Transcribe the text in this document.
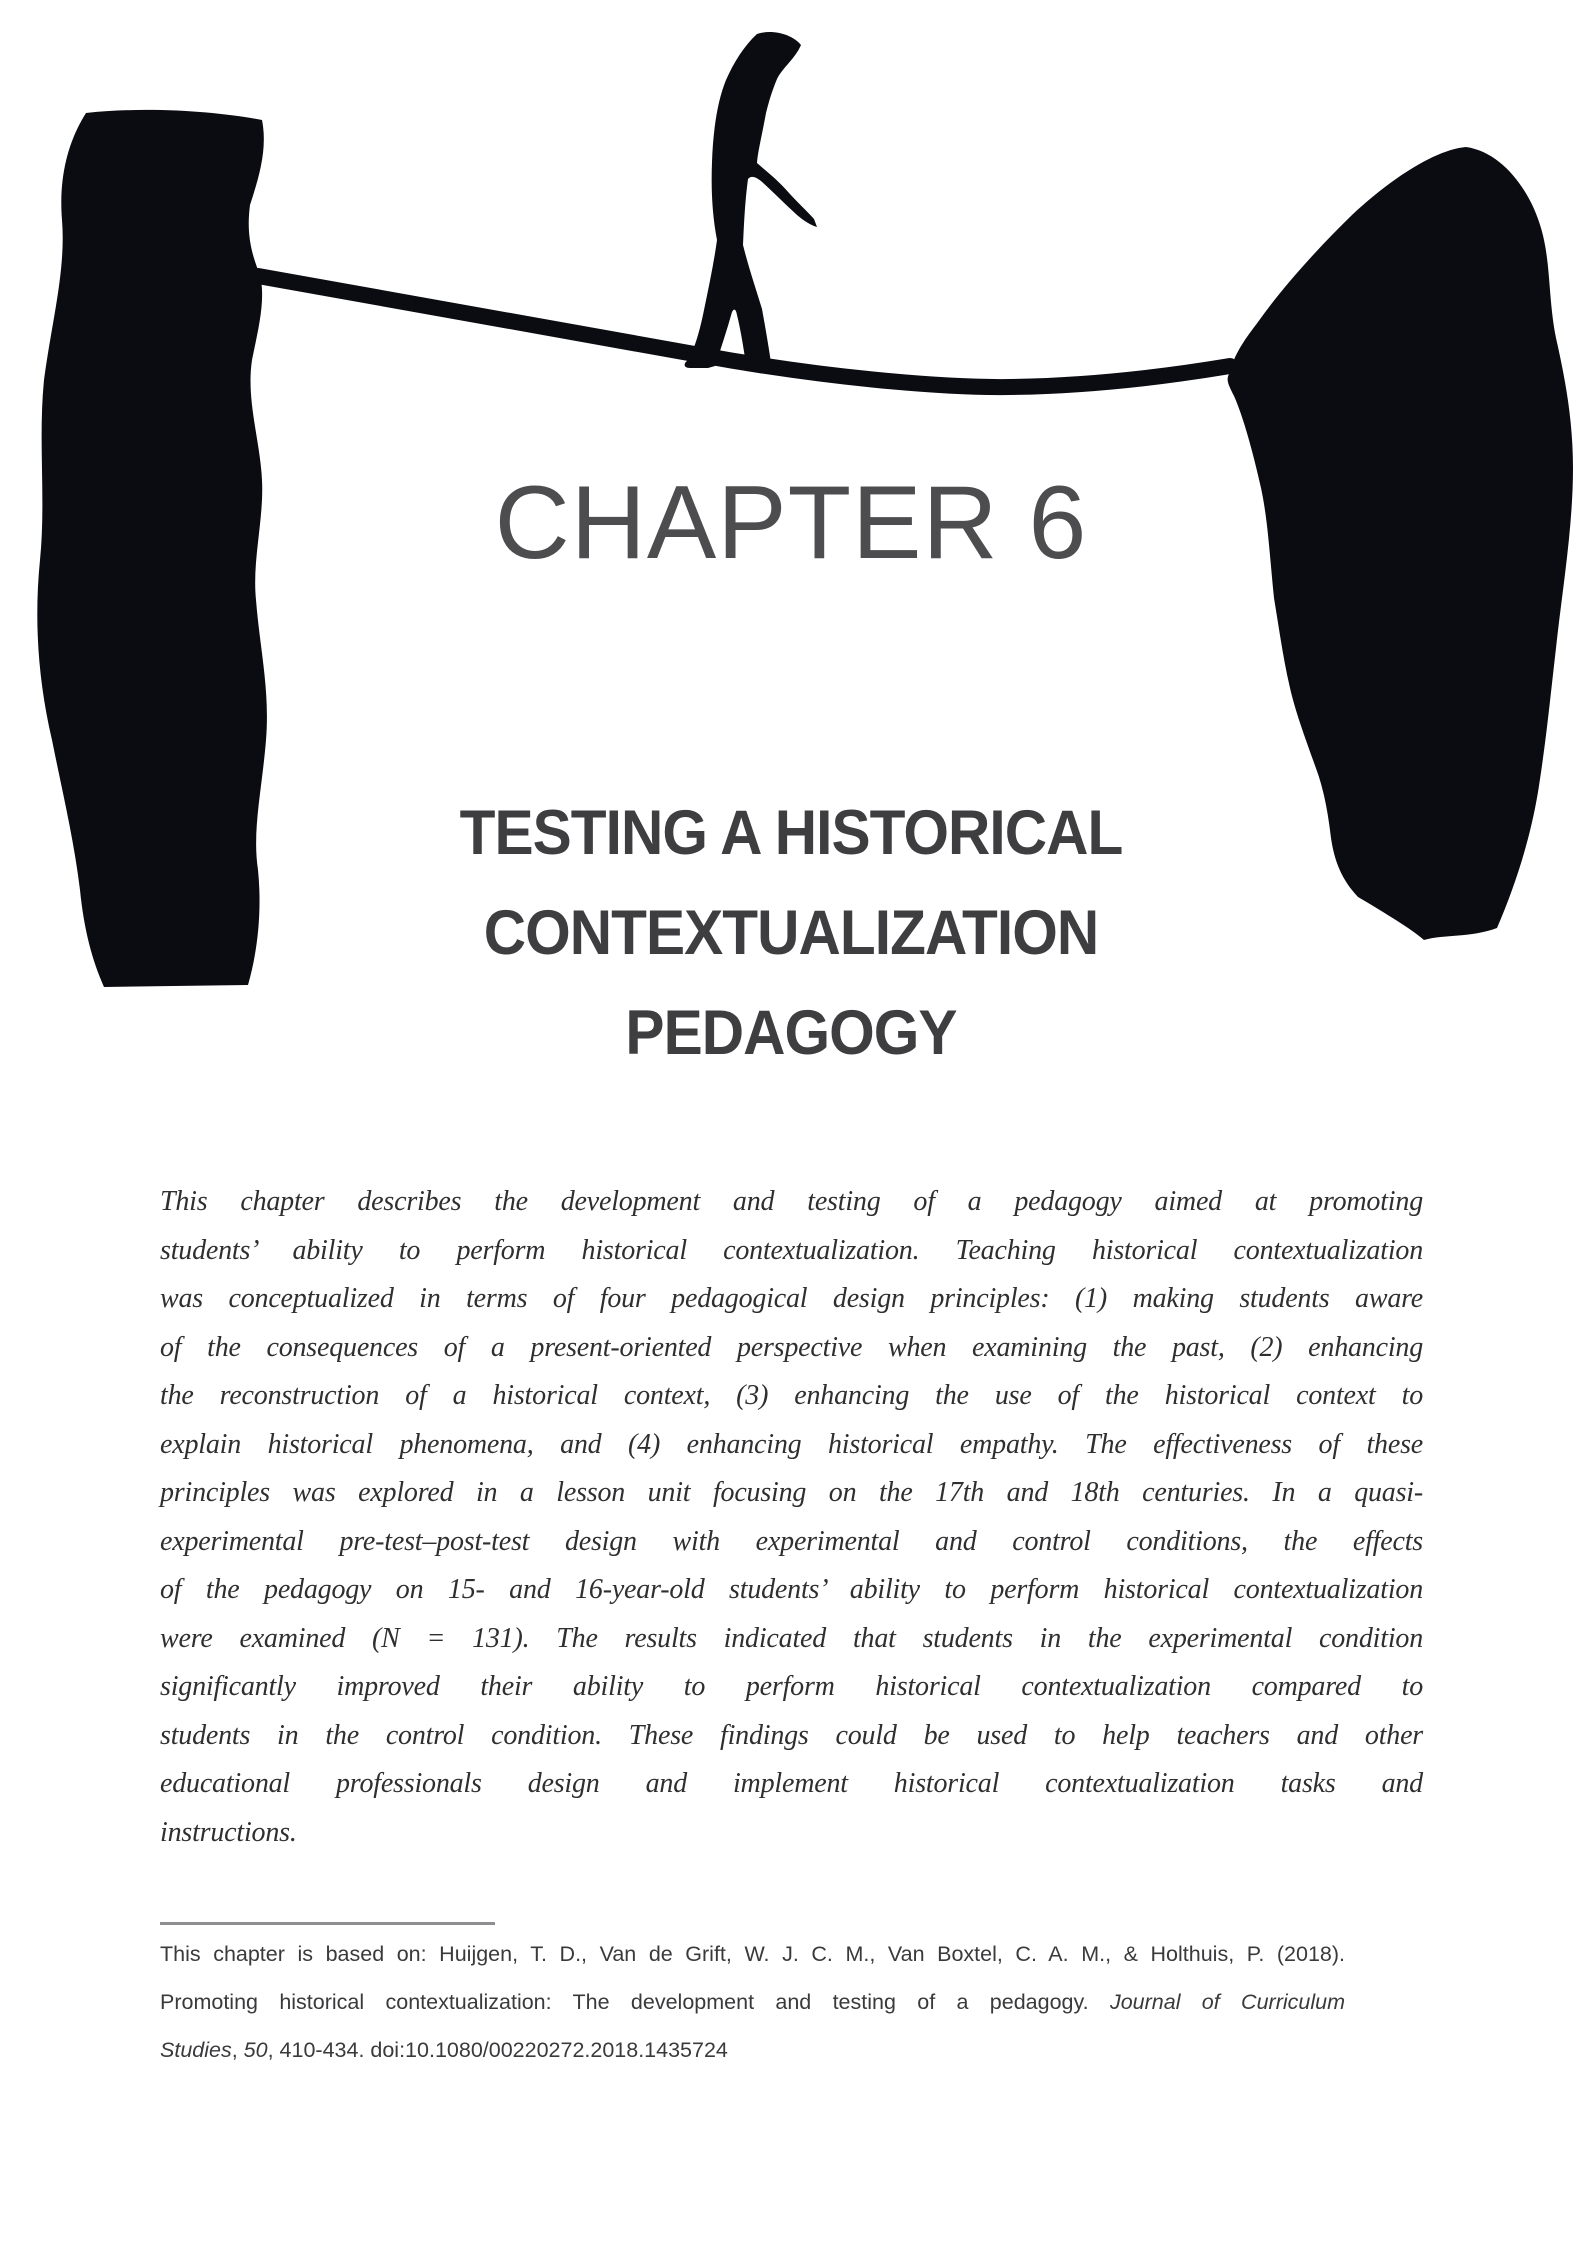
CHAPTER 6
TESTING A HISTORICAL
CONTEXTUALIZATION
PEDAGOGY
This chapter describes the development and testing of a pedagogy aimed at promoting
students’ ability to perform historical contextualization. Teaching historical contextualization
was conceptualized in terms of four pedagogical design principles: (1) making students aware
of the consequences of a present-oriented perspective when examining the past, (2) enhancing
the reconstruction of a historical context, (3) enhancing the use of the historical context to
explain historical phenomena, and (4) enhancing historical empathy. The effectiveness of these
principles was explored in a lesson unit focusing on the 17th and 18th centuries. In a quasi-
experimental pre-test–post-test design with experimental and control conditions, the effects
of the pedagogy on 15- and 16-year-old students’ ability to perform historical contextualization
were examined (N = 131). The results indicated that students in the experimental condition
significantly improved their ability to perform historical contextualization compared to
students in the control condition. These findings could be used to help teachers and other
educational professionals design and implement historical contextualization tasks and
instructions.
This chapter is based on: Huijgen, T. D., Van de Grift, W. J. C. M., Van Boxtel, C. A. M., & Holthuis, P. (2018).
Promoting historical contextualization: The development and testing of a pedagogy. Journal of Curriculum
Studies, 50, 410-434. doi:10.1080/00220272.2018.1435724
